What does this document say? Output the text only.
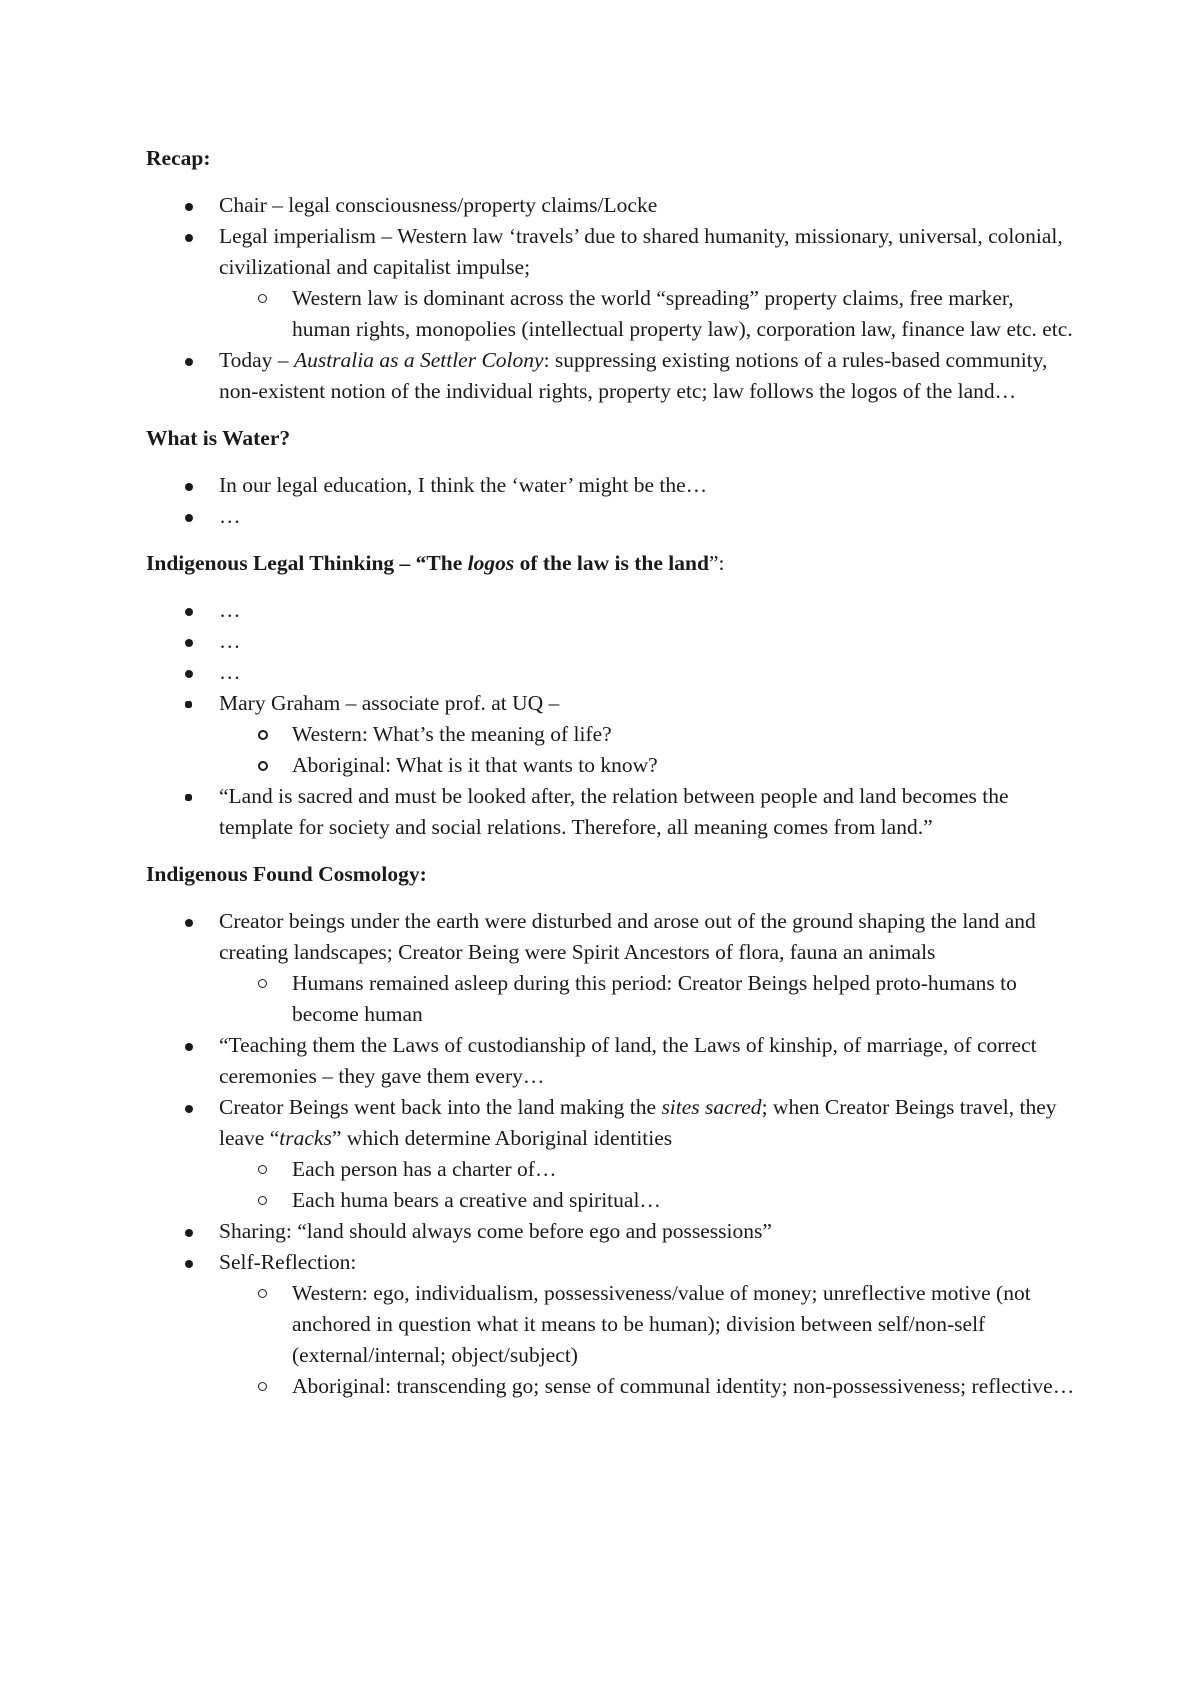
Recap:

Chair – legal consciousness/property claims/Locke
Legal imperialism – Western law ‘travels’ due to shared humanity, missionary, universal, colonial, civilizational and capitalist impulse;
Western law is dominant across the world “spreading” property claims, free marker, human rights, monopolies (intellectual property law), corporation law, finance law etc. etc.
Today – Australia as a Settler Colony: suppressing existing notions of a rules-based community, non-existent notion of the individual rights, property etc; law follows the logos of the land…

What is Water?

In our legal education, I think the ‘water’ might be the…
…

Indigenous Legal Thinking – “The logos of the law is the land”:

…
…
…
Mary Graham – associate prof. at UQ –
Western: What’s the meaning of life?
Aboriginal: What is it that wants to know?
“Land is sacred and must be looked after, the relation between people and land becomes the template for society and social relations. Therefore, all meaning comes from land.”

Indigenous Found Cosmology:

Creator beings under the earth were disturbed and arose out of the ground shaping the land and creating landscapes; Creator Being were Spirit Ancestors of flora, fauna an animals
Humans remained asleep during this period: Creator Beings helped proto-humans to become human
“Teaching them the Laws of custodianship of land, the Laws of kinship, of marriage, of correct ceremonies – they gave them every…
Creator Beings went back into the land making the sites sacred; when Creator Beings travel, they leave “tracks” which determine Aboriginal identities
Each person has a charter of…
Each huma bears a creative and spiritual…
Sharing: “land should always come before ego and possessions”
Self-Reflection:
Western: ego, individualism, possessiveness/value of money; unreflective motive (not anchored in question what it means to be human); division between self/non-self (external/internal; object/subject)
Aboriginal: transcending go; sense of communal identity; non-possessiveness; reflective…
